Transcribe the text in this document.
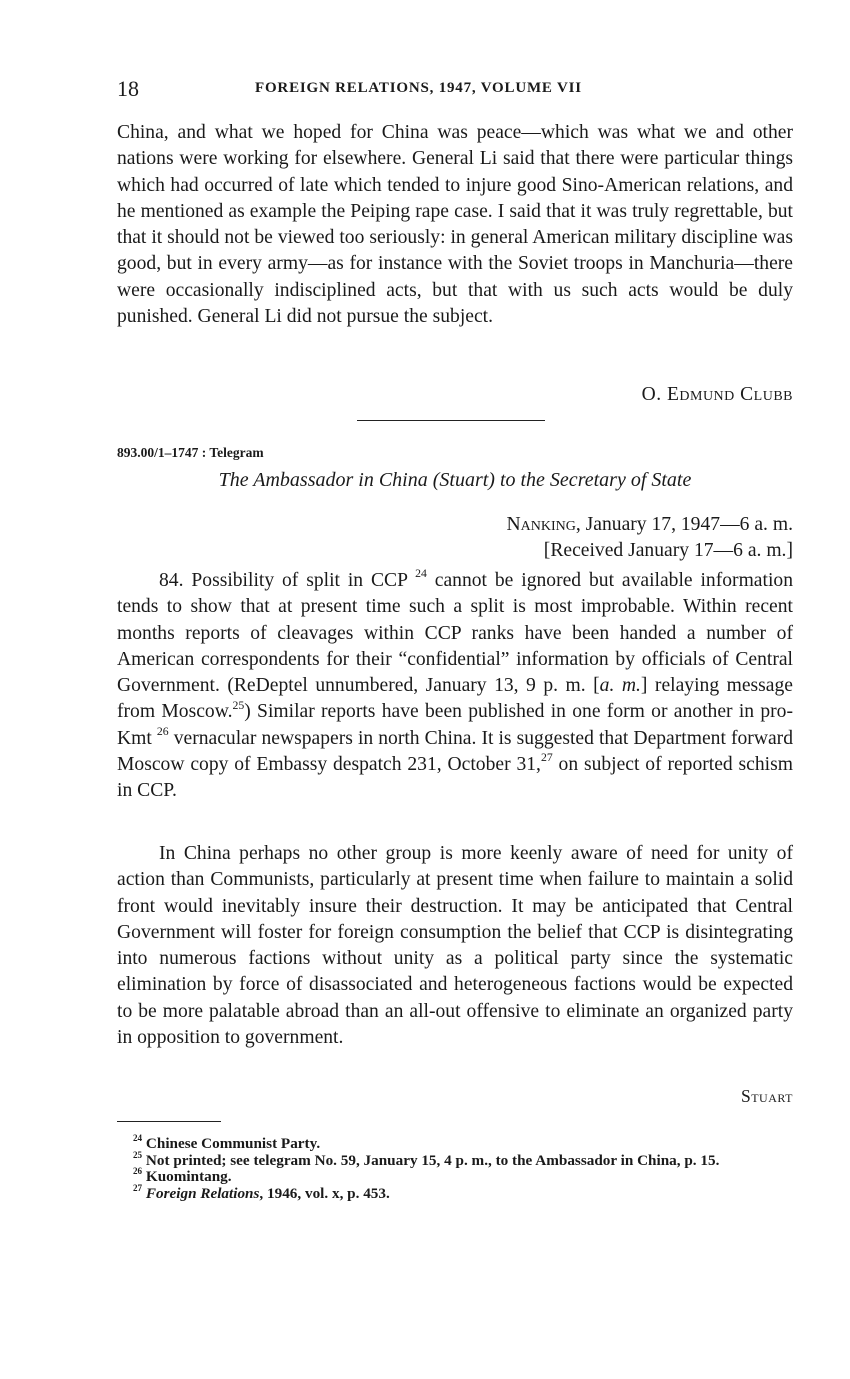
18	FOREIGN RELATIONS, 1947, VOLUME VII

China, and what we hoped for China was peace—which was what we and other nations were working for elsewhere. General Li said that there were particular things which had occurred of late which tended to injure good Sino-American relations, and he mentioned as example the Peiping rape case. I said that it was truly regrettable, but that it should not be viewed too seriously: in general American military discipline was good, but in every army—as for instance with the Soviet troops in Manchuria—there were occasionally indisciplined acts, but that with us such acts would be duly punished. General Li did not pursue the subject.

O. Edmund Clubb
893.00/1–1747 : Telegram
The Ambassador in China (Stuart) to the Secretary of State
Nanking, January 17, 1947—6 a. m.
[Received January 17—6 a. m.]

84. Possibility of split in CCP $^{24}$ cannot be ignored but available information tends to show that at present time such a split is most improbable. Within recent months reports of cleavages within CCP ranks have been handed a number of American correspondents for their “confidential” information by officials of Central Government. (ReDeptel unnumbered, January 13, 9 p. m. [a. m.] relaying message from Moscow.$^{25}$) Similar reports have been published in one form or another in pro-Kmt $^{26}$ vernacular newspapers in north China. It is suggested that Department forward Moscow copy of Embassy despatch 231, October 31,27 on subject of reported schism in CCP.

In China perhaps no other group is more keenly aware of need for unity of action than Communists, particularly at present time when failure to maintain a solid front would inevitably insure their destruction. It may be anticipated that Central Government will foster for foreign consumption the belief that CCP is disintegrating into numerous factions without unity as a political party since the systematic elimination by force of disassociated and heterogeneous factions would be expected to be more palatable abroad than an all-out offensive to eliminate an organized party in opposition to government.

Stuart

$^{24}$ Chinese Communist Party.

$^{25}$ Not printed; see telegram No. 59, January 15, 4 p. m., to the Ambassador in China, p. 15.

$^{26}$ Kuomintang.

$^{27}$ Foreign Relations, 1946, vol. x, p. 453.
